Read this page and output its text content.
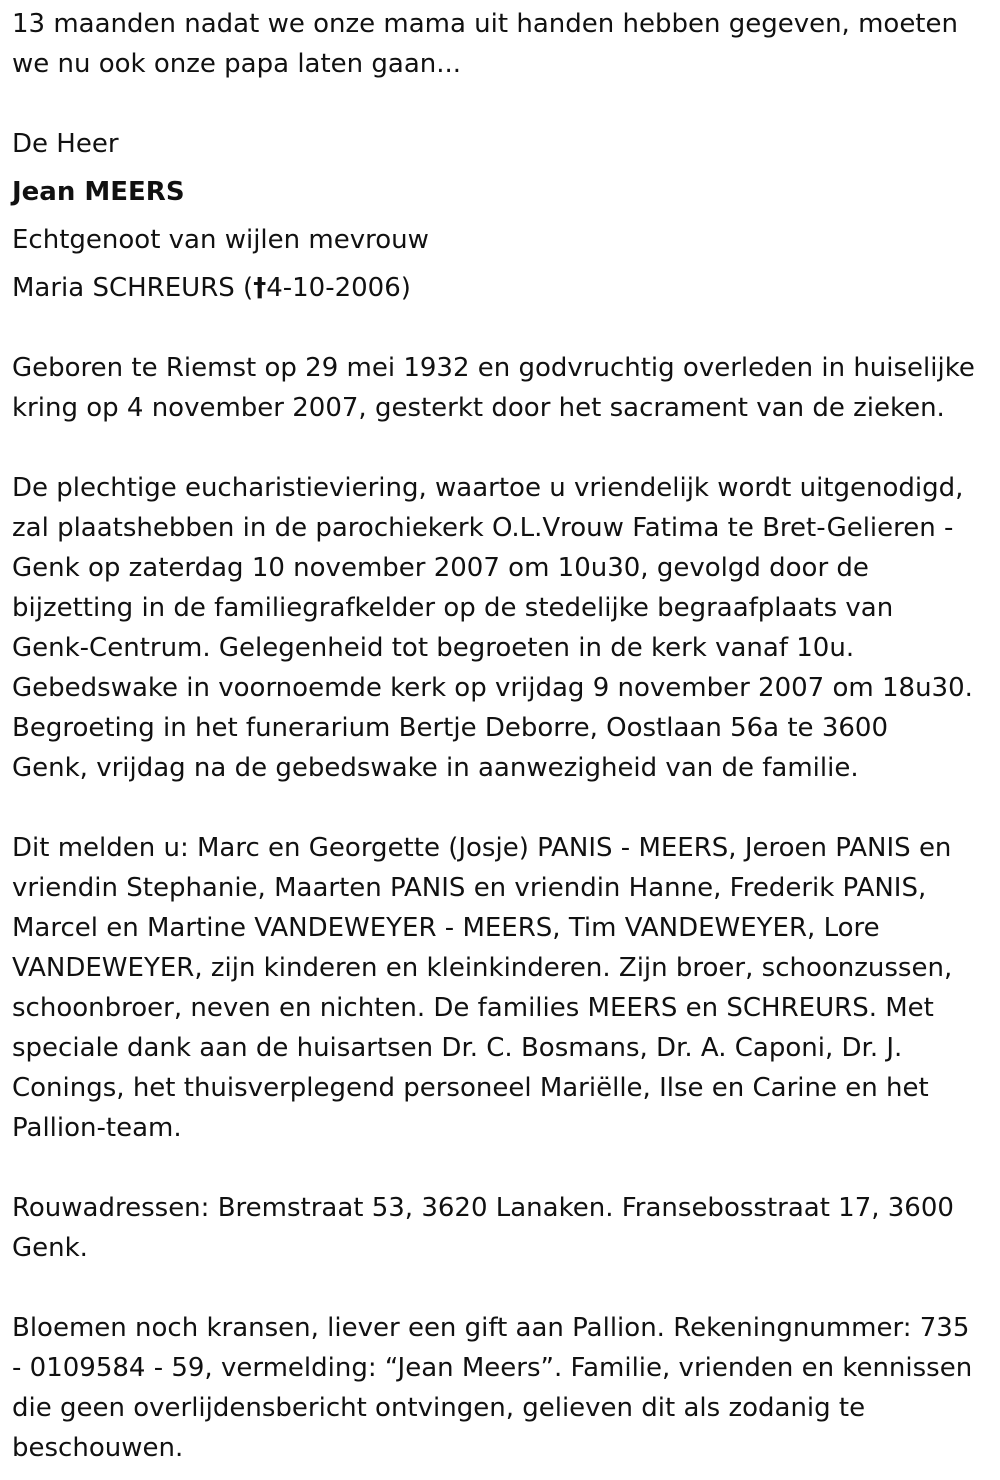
13 maanden nadat we onze mama uit handen hebben gegeven, moeten
we nu ook onze papa laten gaan...
De Heer
Jean MEERS
Echtgenoot van wijlen mevrouw
Maria SCHREURS (†4-10-2006)
Geboren te Riemst op 29 mei 1932 en godvruchtig overleden in huiselijke
kring op 4 november 2007, gesterkt door het sacrament van de zieken.
De plechtige eucharistieviering, waartoe u vriendelijk wordt uitgenodigd,
zal plaatshebben in de parochiekerk O.L.Vrouw Fatima te Bret-Gelieren -
Genk op zaterdag 10 november 2007 om 10u30, gevolgd door de
bijzetting in de familiegrafkelder op de stedelijke begraafplaats van
Genk-Centrum. Gelegenheid tot begroeten in de kerk vanaf 10u.
Gebedswake in voornoemde kerk op vrijdag 9 november 2007 om 18u30.
Begroeting in het funerarium Bertje Deborre, Oostlaan 56a te 3600
Genk, vrijdag na de gebedswake in aanwezigheid van de familie.
Dit melden u: Marc en Georgette (Josje) PANIS - MEERS, Jeroen PANIS en
vriendin Stephanie, Maarten PANIS en vriendin Hanne, Frederik PANIS,
Marcel en Martine VANDEWEYER - MEERS, Tim VANDEWEYER, Lore
VANDEWEYER, zijn kinderen en kleinkinderen. Zijn broer, schoonzussen,
schoonbroer, neven en nichten. De families MEERS en SCHREURS. Met
speciale dank aan de huisartsen Dr. C. Bosmans, Dr. A. Caponi, Dr. J.
Conings, het thuisverplegend personeel Mariëlle, Ilse en Carine en het
Pallion-team.
Rouwadressen: Bremstraat 53, 3620 Lanaken. Fransebosstraat 17, 3600
Genk.
Bloemen noch kransen, liever een gift aan Pallion. Rekeningnummer: 735
- 0109584 - 59, vermelding: “Jean Meers”. Familie, vrienden en kennissen
die geen overlijdensbericht ontvingen, gelieven dit als zodanig te
beschouwen.
